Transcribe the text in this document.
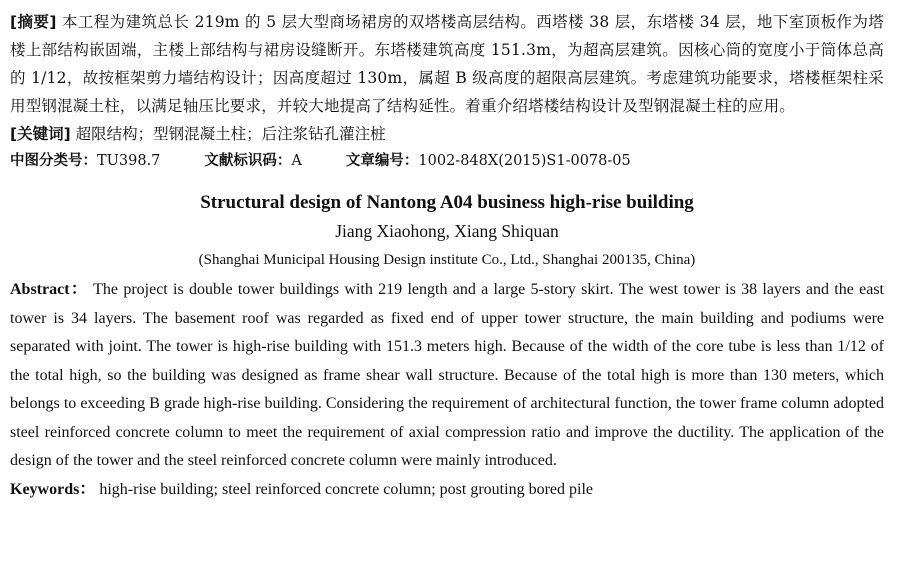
[摘要] 本工程为建筑总长 219m 的 5 层大型商场裙房的双塔楼高层结构。西塔楼 38 层，东塔楼 34 层，地下室顶板作为塔楼上部结构嵌固端，主楼上部结构与裙房设缝断开。东塔楼建筑高度 151.3m，为超高层建筑。因核心筒的宽度小于筒体总高的 1/12，故按框架剪力墙结构设计；因高度超过 130m，属超 B 级高度的超限高层建筑。考虑建筑功能要求，塔楼框架柱采用型钢混凝土柱，以满足轴压比要求，并较大地提高了结构延性。着重介绍塔楼结构设计及型钢混凝土柱的应用。
[关键词] 超限结构；型钢混凝土柱；后注浆钻孔灌注桩
中图分类号：TU398.7	文献标识码：A	文章编号：1002-848X(2015)S1-0078-05
Structural design of Nantong A04 business high-rise building
Jiang Xiaohong, Xiang Shiquan
(Shanghai Municipal Housing Design institute Co., Ltd., Shanghai 200135, China)
Abstract： The project is double tower buildings with 219 length and a large 5-story skirt. The west tower is 38 layers and the east tower is 34 layers. The basement roof was regarded as fixed end of upper tower structure, the main building and podiums were separated with joint. The tower is high-rise building with 151.3 meters high. Because of the width of the core tube is less than 1/12 of the total high, so the building was designed as frame shear wall structure. Because of the total high is more than 130 meters, which belongs to exceeding B grade high-rise building. Considering the requirement of architectural function, the tower frame column adopted steel reinforced concrete column to meet the requirement of axial compression ratio and improve the ductility. The application of the design of the tower and the steel reinforced concrete column were mainly introduced.
Keywords： high-rise building; steel reinforced concrete column; post grouting bored pile
